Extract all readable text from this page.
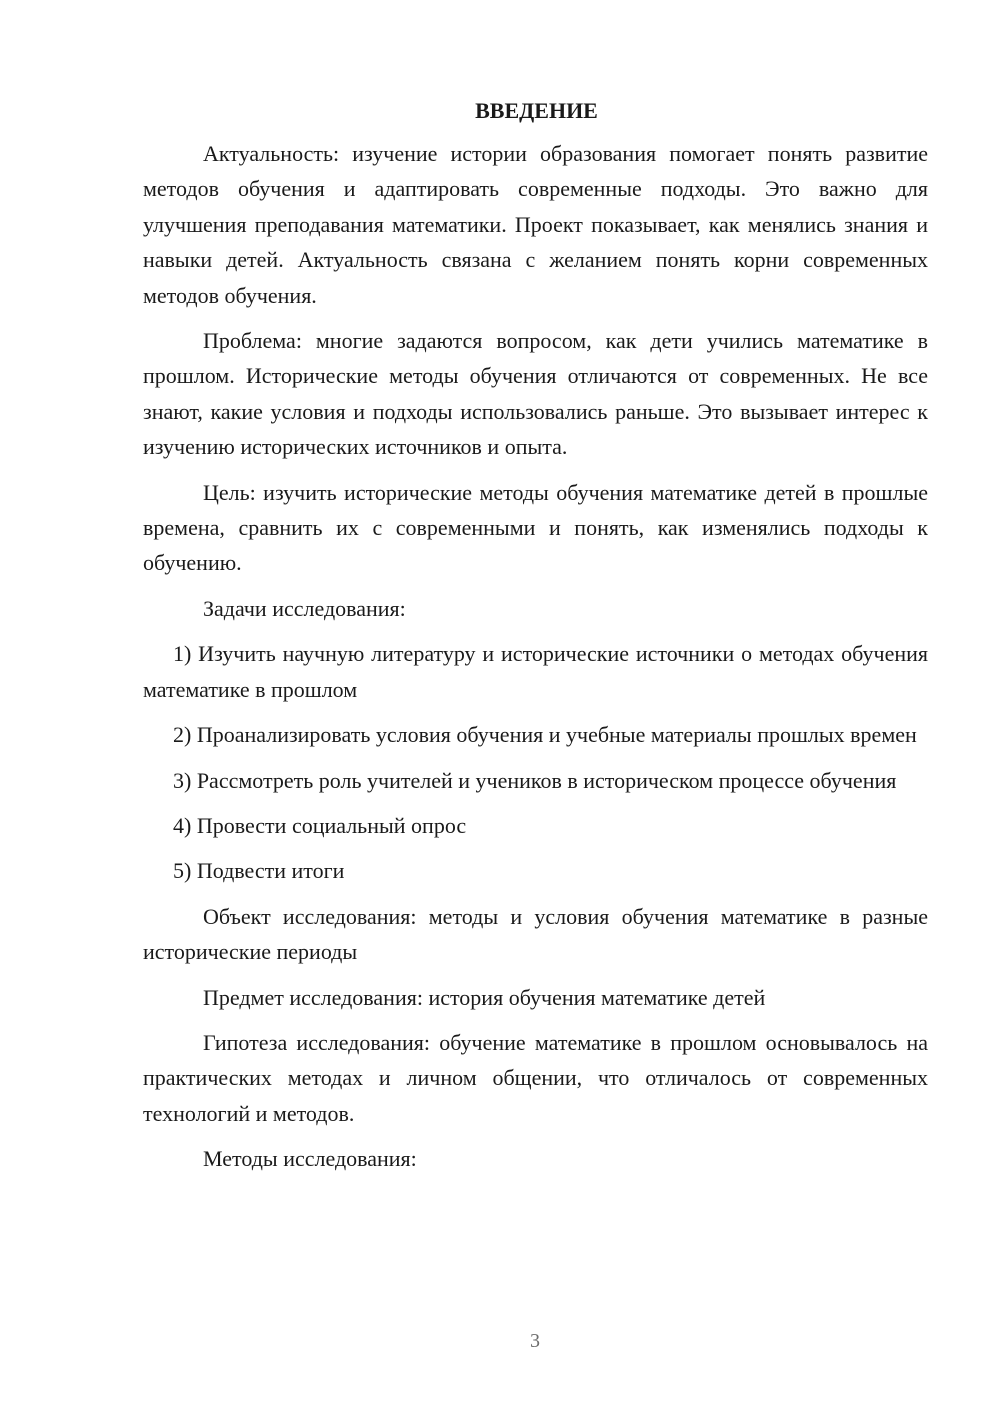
ВВЕДЕНИЕ

Актуальность: изучение истории образования помогает понять развитие методов обучения и адаптировать современные подходы. Это важно для улучшения преподавания математики. Проект показывает, как менялись знания и навыки детей. Актуальность связана с желанием понять корни современных методов обучения.

Проблема: многие задаются вопросом, как дети учились математике в прошлом. Исторические методы обучения отличаются от современных. Не все знают, какие условия и подходы использовались раньше. Это вызывает интерес к изучению исторических источников и опыта.

Цель: изучить исторические методы обучения математике детей в прошлые времена, сравнить их с современными и понять, как изменялись подходы к обучению.

Задачи исследования:

1) Изучить научную литературу и исторические источники о методах обучения математике в прошлом

2) Проанализировать условия обучения и учебные материалы прошлых времен

3) Рассмотреть роль учителей и учеников в историческом процессе обучения

4) Провести социальный опрос

5) Подвести итоги

Объект исследования: методы и условия обучения математике в разные исторические периоды

Предмет исследования: история обучения математике детей

Гипотеза исследования: обучение математике в прошлом основывалось на практических методах и личном общении, что отличалось от современных технологий и методов.

Методы исследования:

3
